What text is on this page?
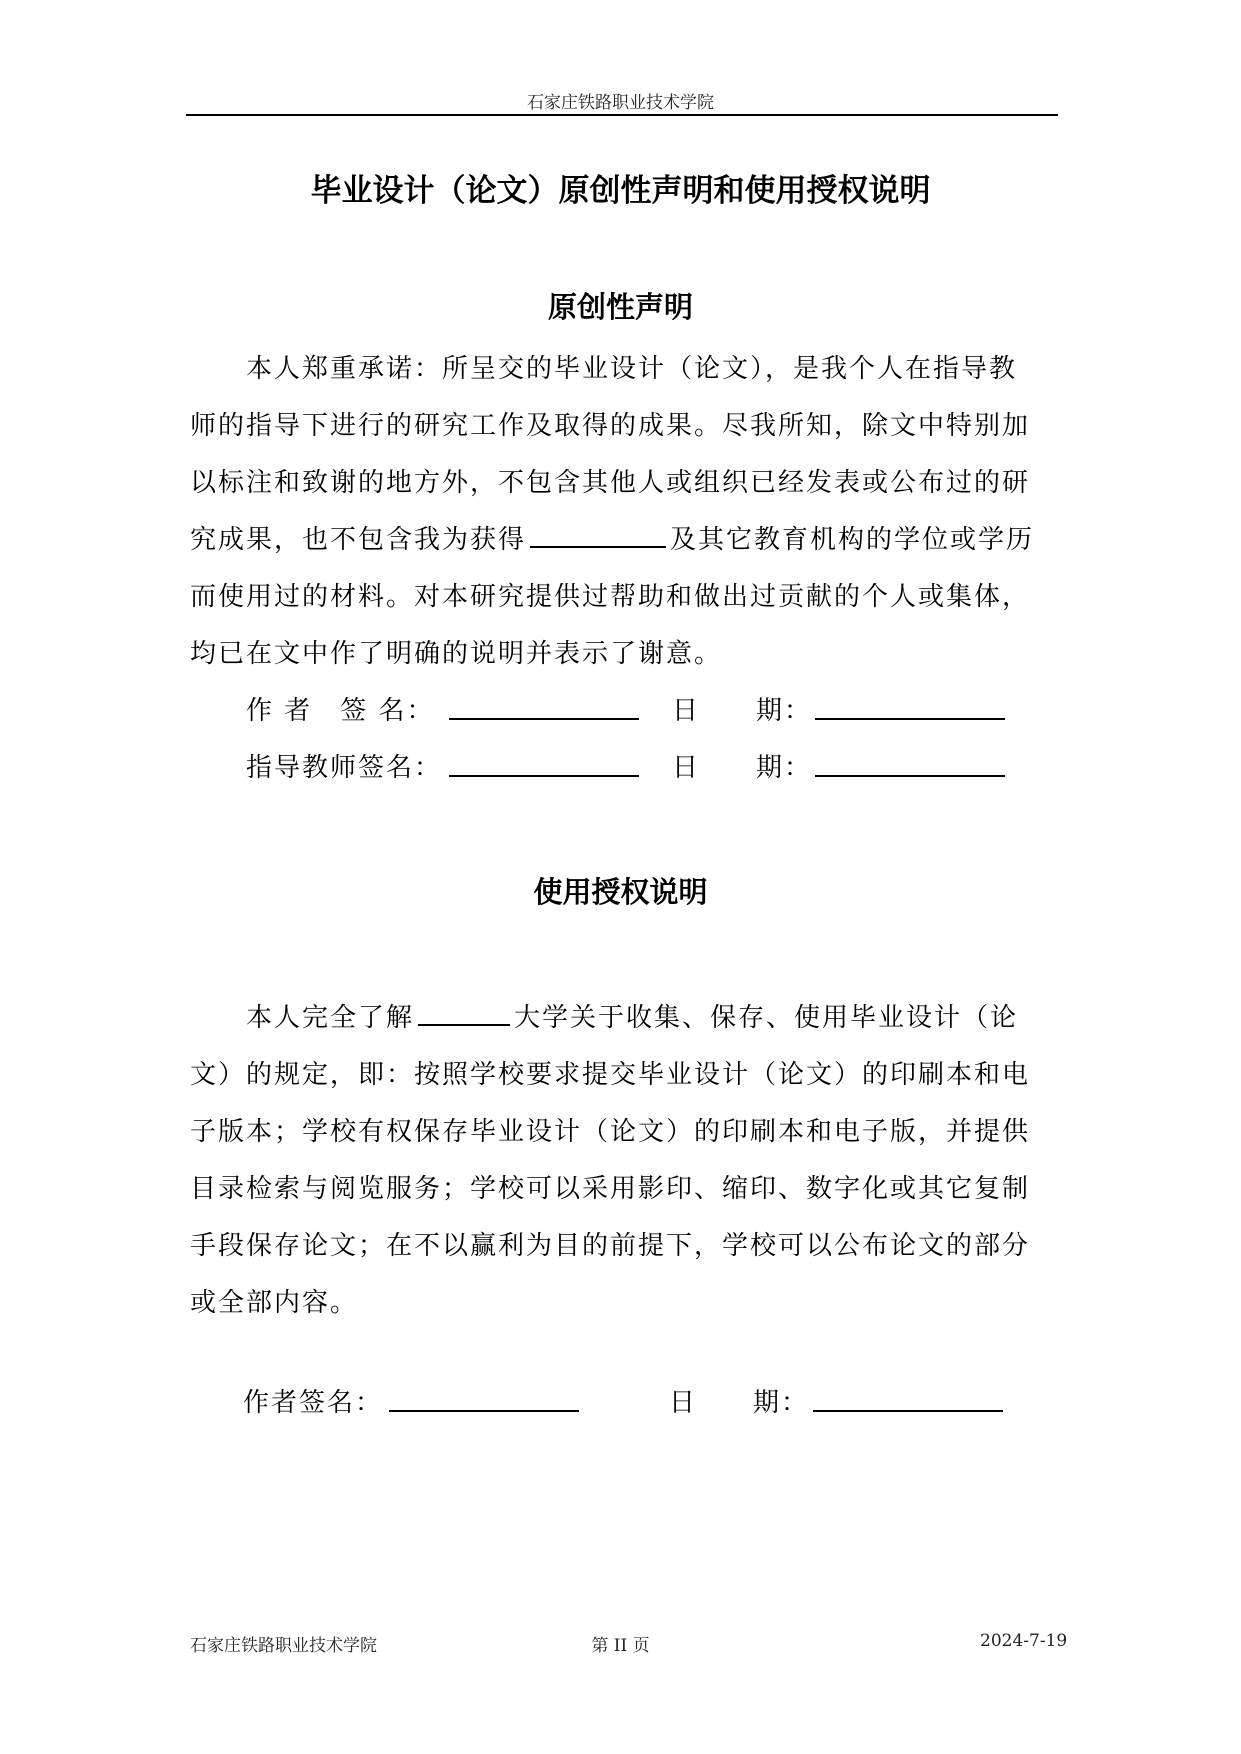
石家庄铁路职业技术学院
毕业设计（论文）原创性声明和使用授权说明
原创性声明
本人郑重承诺：所呈交的毕业设计（论文），是我个人在指导教
师的指导下进行的研究工作及取得的成果。尽我所知，除文中特别加
以标注和致谢的地方外，不包含其他人或组织已经发表或公布过的研
究成果，也不包含我为获得	及其它教育机构的学位或学历
而使用过的材料。对本研究提供过帮助和做出过贡献的个人或集体，
均已在文中作了明确的说明并表示了谢意。
作 者　签 名：	日　　期：
指导教师签名：	日　　期：
使用授权说明
本人完全了解	大学关于收集、保存、使用毕业设计（论
文）的规定，即：按照学校要求提交毕业设计（论文）的印刷本和电
子版本；学校有权保存毕业设计（论文）的印刷本和电子版，并提供
目录检索与阅览服务；学校可以采用影印、缩印、数字化或其它复制
手段保存论文；在不以赢利为目的前提下，学校可以公布论文的部分
或全部内容。
作者签名：	日　　期：
石家庄铁路职业技术学院	第 II 页	2024-7-19
